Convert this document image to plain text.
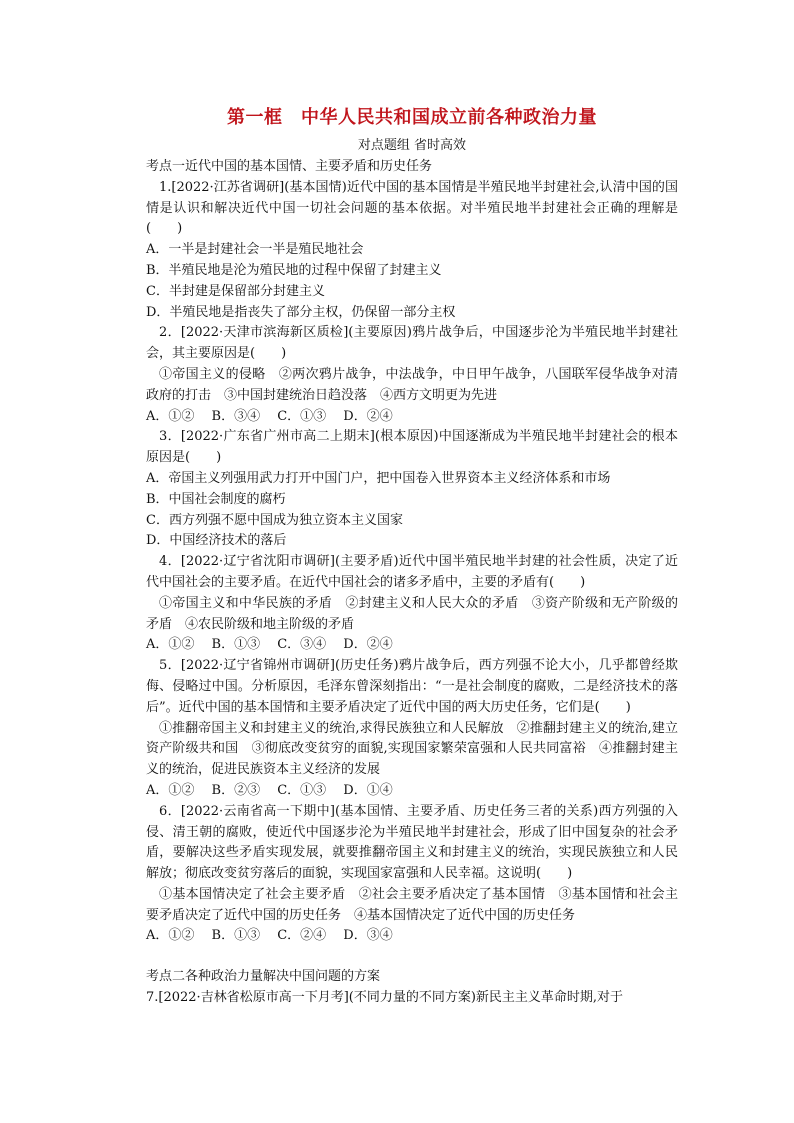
第一框　中华人民共和国成立前各种政治力量
对点题组 省时高效

考点一近代中国的基本国情、主要矛盾和历史任务

1.[2022·江苏省调研](基本国情)近代中国的基本国情是半殖民地半封建社会,认清中国的国情是认识和解决近代中国一切社会问题的基本依据。对半殖民地半封建社会正确的理解是(　　)

A．一半是封建社会一半是殖民地社会

B．半殖民地是沦为殖民地的过程中保留了封建主义

C．半封建是保留部分封建主义

D．半殖民地是指丧失了部分主权，仍保留一部分主权

2．[2022·天津市滨海新区质检](主要原因)鸦片战争后，中国逐步沦为半殖民地半封建社会，其主要原因是(　　)

①帝国主义的侵略　②两次鸦片战争，中法战争，中日甲午战争，八国联军侵华战争对清政府的打击　③中国封建统治日趋没落　④西方文明更为先进

A．①②　 B．③④　 C．①③　 D．②④

3．[2022·广东省广州市高二上期末](根本原因)中国逐渐成为半殖民地半封建社会的根本原因是(　　)

A．帝国主义列强用武力打开中国门户，把中国卷入世界资本主义经济体系和市场

B．中国社会制度的腐朽

C．西方列强不愿中国成为独立资本主义国家

D．中国经济技术的落后

4．[2022·辽宁省沈阳市调研](主要矛盾)近代中国半殖民地半封建的社会性质，决定了近代中国社会的主要矛盾。在近代中国社会的诸多矛盾中，主要的矛盾有(　　)

①帝国主义和中华民族的矛盾　②封建主义和人民大众的矛盾　③资产阶级和无产阶级的矛盾　④农民阶级和地主阶级的矛盾

A．①②　 B．①③　 C．③④　 D．②④

5．[2022·辽宁省锦州市调研](历史任务)鸦片战争后，西方列强不论大小，几乎都曾经欺侮、侵略过中国。分析原因，毛泽东曾深刻指出：“一是社会制度的腐败，二是经济技术的落后”。近代中国的基本国情和主要矛盾决定了近代中国的两大历史任务，它们是(　　)

①推翻帝国主义和封建主义的统治,求得民族独立和人民解放　②推翻封建主义的统治,建立资产阶级共和国　③彻底改变贫穷的面貌,实现国家繁荣富强和人民共同富裕　④推翻封建主义的统治，促进民族资本主义经济的发展

A．①②　 B．②③　 C．①③　 D．①④

6．[2022·云南省高一下期中](基本国情、主要矛盾、历史任务三者的关系)西方列强的入侵、清王朝的腐败，使近代中国逐步沦为半殖民地半封建社会，形成了旧中国复杂的社会矛盾，要解决这些矛盾实现发展，就要推翻帝国主义和封建主义的统治，实现民族独立和人民解放；彻底改变贫穷落后的面貌，实现国家富强和人民幸福。这说明(　　)

①基本国情决定了社会主要矛盾　②社会主要矛盾决定了基本国情　③基本国情和社会主要矛盾决定了近代中国的历史任务　④基本国情决定了近代中国的历史任务

A．①②　 B．①③　 C．②④　 D．③④

考点二各种政治力量解决中国问题的方案

7.[2022·吉林省松原市高一下月考](不同力量的不同方案)新民主主义革命时期,对于
